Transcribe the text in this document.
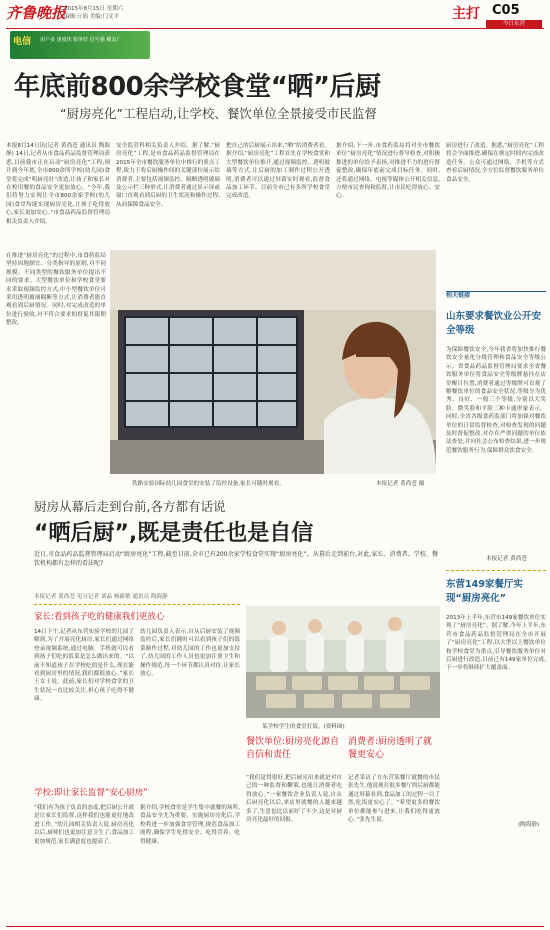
齐鲁晚报
2015年8月15日 星期六
编辑:亓娟 美编:门文平	主打 C05
今日东营
电信 用户多 速度快 服务好 信号强 覆盖广
年底前800余学校食堂“晒”后厨
“厨房亮化”工程启动,让学校、餐饮单位全景接受市民监督
本报8月14日讯(记者 黄尚苍 通讯员 陶海静) 14日,记者从市食品药品监督管理局获悉,目前我市正在启动“厨房亮化”工程,预计到今年底,全市800余所学校(幼儿园)食堂将完成“明厨亮灶”改造,让孩子和家长对在校用餐的食品安全更加放心。“今年,我们将努力实现让全市800余家学校(幼儿园)食堂均能实现厨房亮化,让孩子吃得放心,家长更加安心。”市食品药品监督管理局相关负责人介绍。
安全监管科相关负责人介绍。据了解,“厨房亮化”工程,是市食品药品监督管理局在2015年全市餐饮服务单位中推行的重点工程,致力于将后厨操作间的关键部位展示给消费者,主要包括视频监控、隔断透明玻璃及公示栏三种形式,让消费者通过显示屏或窗口直观看到后厨的卫生状况和操作过程,从而保障食品安全。
把自己的后厨展示出来,“晒”给消费者看。据介绍,“厨房亮化”工程首先在学校食堂和大型餐饮单位推开,通过视频监控、透明玻璃等方式,让后厨的加工制作过程公开透明,消费者可以通过屏幕实时观看,监督食品加工环节。目前全市已有多所学校食堂完成改造。
据介绍,下一步,市食药监局将对全市餐饮单位“厨房亮化”情况进行督导检查,对积极推进的单位给予表扬,对推进不力的进行督促整改,确保年底前完成目标任务。同时,还将通过网络、电视等媒体公开相关信息,方便市民查询和监督,让市民吃得放心、安心。
厨房进行了改造。据悉,“厨房亮化”工程将会全面推进,确保在规定时间内完成改造任务。公众可通过网络、手机等方式查看后厨情况,全方位监督餐饮服务单位食品安全。
铁路实验国际幼儿园食堂的安装了监控设备,家长可随时观看。	本报记者 黄尚苍 摄
在推进“厨房亮化”的过程中,市食药监局坚持因地制宜、分类指导的原则,对不同规模、不同类型的餐饮服务单位提出不同的要求。大型餐饮单位和学校食堂要求采取视频监控方式,中小型餐饮单位可采用透明玻璃隔断等方式,让消费者能直观看到后厨情况。同时,对完成改造的单位进行验收,对不符合要求的督促其限期整改。
相关链接
山东要求餐饮业公开安全等级
为保障餐饮安全,今年我省将加快推行餐饮安全量化分级管理和食品安全等级公示。省食品药品监督管理局要求全省餐饮服务单位将食品安全等级牌悬挂在店堂醒目位置,消费者通过等级牌可直观了解餐饮单位的食品安全状况,等级分为优秀、良好、一般三个等级,分别以大笑脸、微笑脸和平脸三种卡通形象表示。同时,全省各级食药监部门将加强对餐饮单位的日常监督检查,对检查发现的问题及时督促整改,对存在严重问题的单位依法查处,并向社会公布检查结果,进一步规范餐饮服务行为,保障群众饮食安全。
本报记者 黄尚苍
东营149家餐厅实现“厨房亮化”
2013年上半年,东营市149家餐饮单位实现了“厨房亮化”。据了解,今年上半年,东营市食品药品监督管理局在全市开展了“厨房亮化”工程,以大型以上餐饮单位和学校食堂为重点,引导餐饮服务单位对后厨进行改造,目前已有149家单位完成,下一步将继续扩大覆盖面。
(陶海静)
厨房从幕后走到台前,各方都有话说
“晒后厨”,既是责任也是自信
近日,市食品药品监督管理局启动“厨房亮化”工程,截至目前,全市已有200余家学校食堂实现“厨房亮化”。从幕后走到前台,对此,家长、消费者、学校、餐饮机构都有怎样的看法呢?
本报记者 黄尚苍 见习记者 刘晶 杨新敏 通讯员 陶海静
家长:看到孩子吃的健康我们更放心
14日下午,记者从东营实验学校幼儿园了解到,为了开展亮化厨房,家长们通过网络登录视频系统,通过电脑、手机就可以看到孩子们吃的饭菜是怎么做出来的。“以前不知道孩子在学校吃的是什么,现在能看到厨房里的情况,我们都很放心。”家长王女士说。此前,家长们对学校食堂的卫生状况一直比较关注,担心孩子吃得不健康。
幼儿园负责人表示,自从后厨安装了视频监控后,家长们随时可以看到孩子们的饭菜制作过程,对幼儿园的工作也更加支持了,幼儿园的工作人员也更加注重卫生和操作规范,每一个环节都认真对待,让家长放心。
学校:即让家长监督“安心厨房”
“我们有为孩子负责的态度,把后厨公开就是让家长们监督,这样我们也能更好地改进工作。”幼儿园相关负责人说,厨房亮化以后,厨师们也更加注意卫生了,食品加工更加规范,家长满意度也提高了。
据介绍,学校食堂是学生集中就餐的场所,食品安全尤为重要。实施厨房亮化后,学校将进一步加强食堂管理,规范食品加工流程,确保学生吃得安全、吃得营养、吃得健康。
某学校学生的食堂打饭。(资料图)
餐饮单位:厨房亮化源自自信和责任
“我们觉得很好,把后厨亮出来就是对自己的一种监督和鞭策,也能让消费者吃得放心。”一家餐饮企业负责人说,自从后厨亮化以后,来店里就餐的人越来越多了,生意也比以前好了不少,这是对厨房亮化最好的回报。
消费者:厨房透明了就餐更安心
记者采访了在东营某餐厅就餐的市民张先生,他说现在很多餐厅的后厨都能通过屏幕看到,食品加工的过程一目了然,吃饭更安心了。“希望更多的餐饮单位都能参与进来,让我们吃得更放心。”张先生说。
